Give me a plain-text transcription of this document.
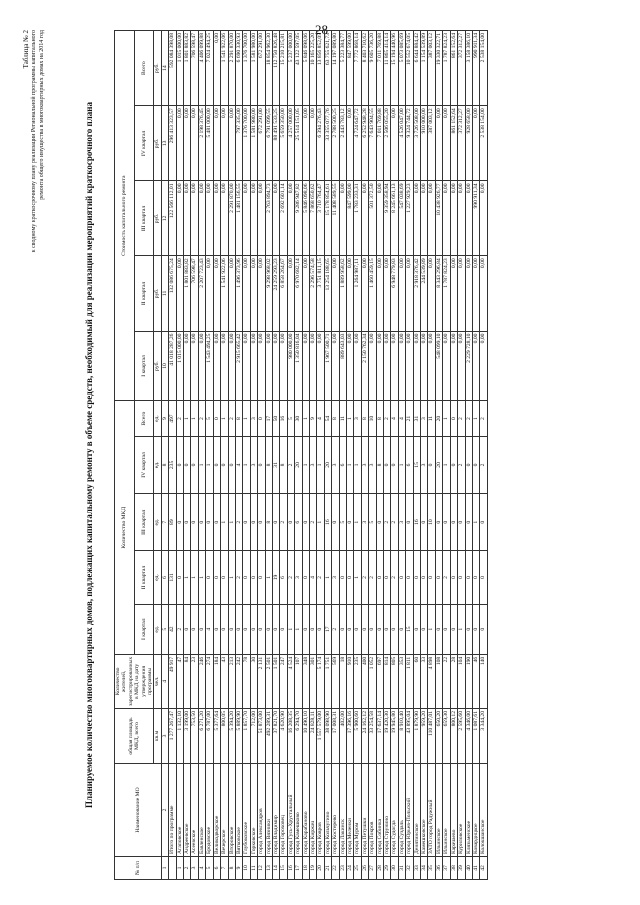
28
Таблица № 2 к сводному краткосрочному плану реализации Региональной программы капитального ремонта общего имущества в многоквартирных домах на 2014 год	Планируемое количество многоквартирных домов, подлежащих капитальному ремонту в объеме средств, необходимый для реализации мероприятий краткосрочного плана
№ п/п	Наименование МО	общая площадь МКД, всего	Количество жителей, зарегистрированных в МКД на дату утверждения программы	Количество МКД					Стоимость капитального ремонта				
				I квартал	II квартал	III квартал	IV квартал	Всего	I квартал	II квартал	III квартал	IV квартал	Всего
		кв.м	чел.	ед.	ед.	ед.	ед.	ед.	руб.	руб.	руб.	руб.	руб.
1	2	3	4	5	6	7	8	9	10	11	12	13	14
	Итого по программе	1 277 267,47	49 917	42	131	89	235	497	41 018 287,26	132 086 675,24	122 566 112,01	296 413 323,57	592 084 398,08
1	Агаповское	1 132,10	47	2	0	0	0	2	1 015 000,00	0,00	0,00	0,00	1 015 000,00
2	Андреевское	3 199,00	84	0	1	0	0	1	0,00	1 801 883,82	0,00	0,00	1 801 883,82
3	Асеевское	753,50	23	0	1	0	0	1	0,00	706 598,47	0,00	0,00	706 598,47
4	Бавленское	6 271,20	246	0	1	0	1	2	0,00	2 207 723,43	0,00	2 198 376,45	4 406 099,88
5	Бродовское	6 787,00	274	4	0	0	1	5	1 543 494,25	0,00	0,00	5 481 000,00	7 024 494,25
6	Великодворское	5 377,64	184	0	0	0	0	0	0,00	0,00	0,00	0,00	0,00
7	Вечерское	800,05	43	0	0	1	0	1	0,00	1 541 922,06	0,00	0,00	1 541 922,06
8	Второвское	5 394,20	213	0	1	1	0	2	0,00	0,00	2 291 870,00	0,00	2 291 870,00
9	Вятковское	5 889,90	242	0	2	2	4	8	2 915 665,42	1 496 373,96	1 481 156,55	797 335,00	6 690 330,93
10	Глубоковское	1 857,70	78	0	0	0	1	1	0,00	0,00	0,00	1 376 700,00	1 376 700,00
11	Горковское	712,00	30	0	0	0	3	3	0,00	0,00	0,00	1 581 980,00	1 581 980,00
12	город Александров	51 873,00	2 131	0	0	0	0	0	0,00	0,00	0,00	672 291,00	672 291,00
13	город Вязники	492 289,31	2 501	0	1	8	8	17	0,00	9 298 968,02	2 763 894,73	6 791 099,55	18 854 962,30
14	город Владимир	37 821,70	1 501	0	19	0	31	50	0,00	24 259 293,23	0,00	88 491 533,25	112 750 826,48
15	город Гороховец	4 620,90	247	0	6	2	8	16	0,00	6 858 264,67	2 692 601,14	5 659 350,00	15 210 215,81
16	город Гусь-Хрустальный	16 208,35	4 524	1	2	0	2	5	980 000,00	0,00	0,00	4 257 000,00	5 237 000,00
17	город Камешково	6 294,70	107	1	3	6	20	30	1 350 816,04	6 970 682,14	9 286 947,82	25 514 151,05	43 122 597,05
18	город Карабаново	10 490,10	348	0	0	0	1	1	0,00	0,00	5 846 098,06	0,00	5 846 098,06
19	город Киржач	24 828,11	301	0	4	2	3	9	0,00	2 296 574,58	7 868 650,62	0,00	10 165 225,20
20	город Ковров	1 557 579,00	5 174	0	2	1	1	4	0,00	3 751 811,15	3 710 764,47	6 394 276,43	13 856 852,05
21	город Кольчугино	38 098,90	1 751	17	1	16	20	54	1 967 500,71	13 254 188,65	15 178 854,61	33 355 077,76	63 755 621,73
22	город Костерево	17 008,31	569	2	3	0	3	8	0,00	0,00	11 408 589,55	2 788 500,25	14 197 089,80
23	город Лакинск	402,00	18	0	0	5	6	11	889 643,03	1 889 958,62	0,00	2 443 783,12	5 223 384,77
24	город Меленки	17 396,16	910	0	0	0	1	1	0,00	0,00	847 599,00	0,00	847 599,00
25	город Муром	5 900,60	235	0	1	1	1	3	0,00	1 264 987,11	1 783 233,31	4 724 647,72	7 772 868,14
26	город Петушки	24 162,12	400	0	2	3	3	8	2 150 762,34	0,00	0,00	6 252 948,28	8 403 710,62
27	город Покров	33 254,58	1 052	0	2	5	3	10	0,00	1 460 459,15	501 372,50	7 643 904,55	9 605 736,20
28	город Собинка	17 637,14	697	0	0	0	8	8	0,00	0,00	0,00	7 011 769,88	7 011 769,88
29	город Струнино	19 420,30	814	0	0	2	0	2	0,00	0,00	9 359 358,94	2 506 055,20	11 865 414,14
30	город Судогда	19 945,80	805	0	2	2	0	4	0,00	6 948 779,83	8 245 661,13	0,00	15 194 440,96
31	город Суздаль	8 910,40	353	0	0	3	1	4	0,00	0,00	547 038,69	4 526 047,00	5 073 085,69
32	город Юрьев-Польский	43 895,04	1 811	15	0	0	6	21	0,00	0,00	1 227 929,23	9 324 744,72	10 552 674,05
33	Денятинское	1 879,90	60	0	0	16	15	31	0,00	2 918 376,42	0,00	3 726 508,00	6 644 884,42
34	Камешковское	959,20	33	0	0	0	3	3	0,00	244 539,89	0,00	910 000,00	1 154 539,89
35	ЗАТО город Радужный	110 487,01	4 898	1	0	10	0	11	0,00	0,00	0,00	387 003,12	387 003,12
36	Ильинское	650,20	108	0	0	0	20	20	548 099,10	8 343 296,84	10 438 926,77	0,00	19 330 322,71
37	Ильинское	659,30	22	0	2	0	1	1	0,00	1 787 824,23	0,00	0,00	1 787 824,23
38	Карачаево	800,12	28	0	0	0	0	0	0,00	0,00	0,00	861 152,64	861 152,64
39	Куриловское	2 595,60	104	1	0	0	2	2	0,00	0,00	0,00	372 312,27	372 312,27
40	Клязьменское	4 346,00	190	0	0	0	0	2	2 229 728,10	0,00	0,00	928 658,00	3 158 386,10
41	Ковардицкое	1 087,61	46	0	0	1	0	1	0,00	0,00	990 911,34	0,00	990 911,34
42	Колокшанское	3 344,20	140	0	0	0	2	2	0,00	0,00	0,00	2 538 154,00	2 538 154,00
